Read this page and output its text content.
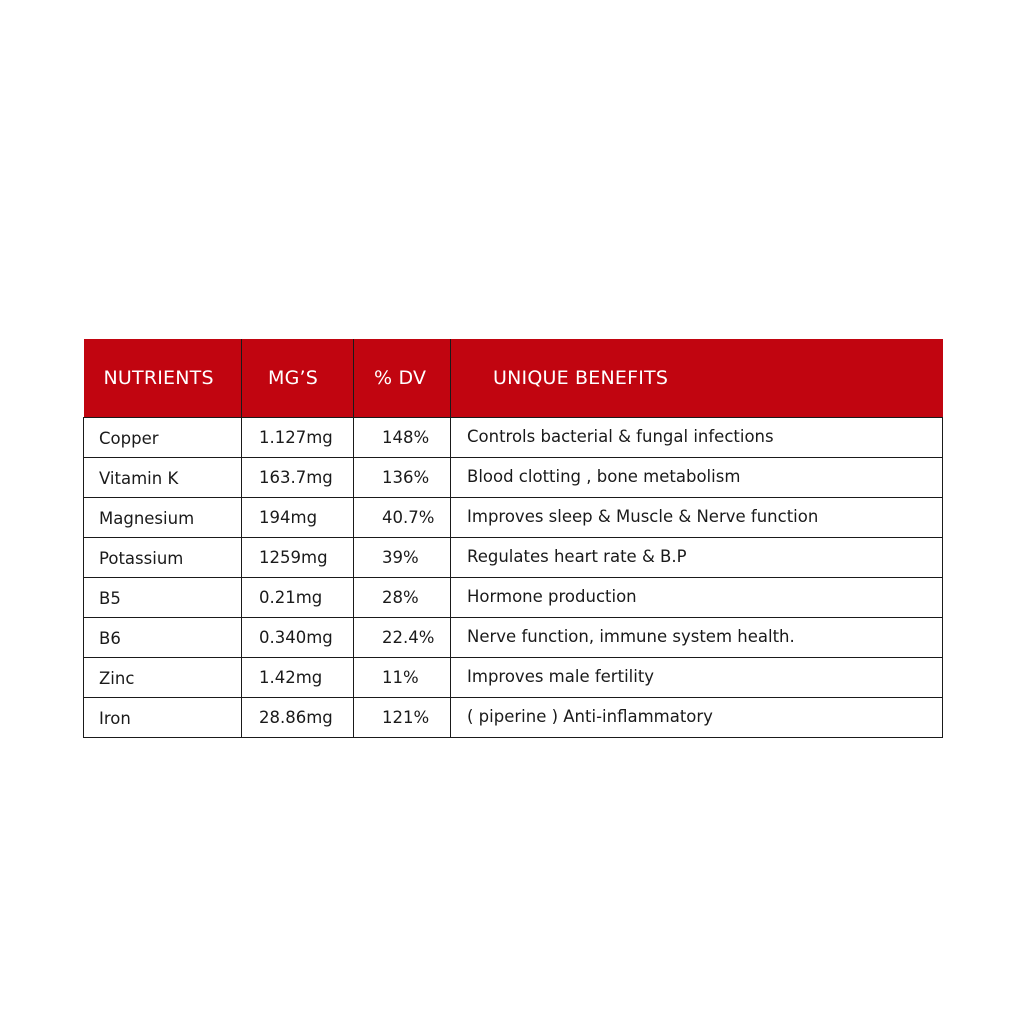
NUTRIENTS	MG’S	% DV	UNIQUE BENEFITS
Copper	1.127mg	148%	Controls bacterial & fungal infections
Vitamin K	163.7mg	136%	Blood clotting , bone metabolism
Magnesium	194mg	40.7%	Improves sleep & Muscle & Nerve function
Potassium	1259mg	39%	Regulates heart rate & B.P
B5	0.21mg	28%	Hormone production
B6	0.340mg	22.4%	Nerve function, immune system health.
Zinc	1.42mg	11%	Improves male fertility
Iron	28.86mg	121%	( piperine ) Anti-inflammatory
